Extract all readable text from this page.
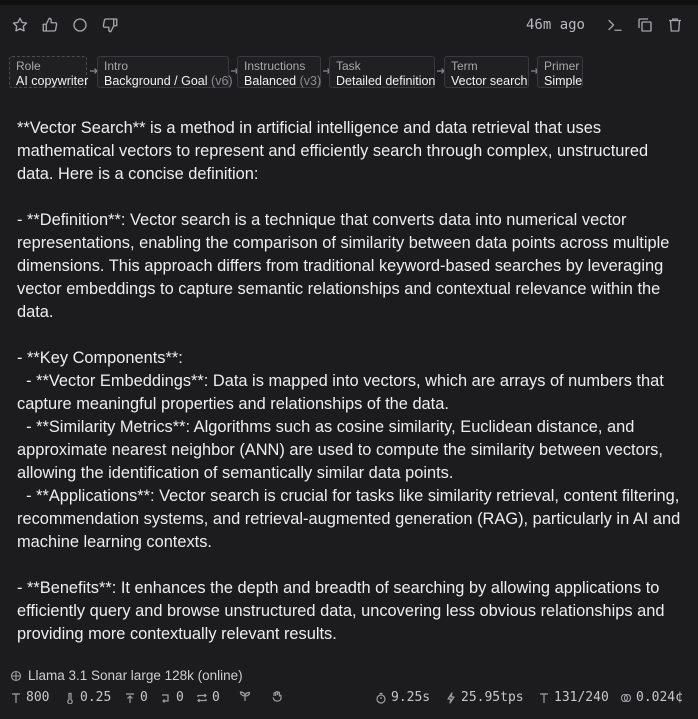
46m ago
Role
AI copywriter
Intro
Background / Goal (v6)
Instructions
Balanced (v3)
Task
Detailed definition
Term
Vector search
Primer
Simple

**Vector Search** is a method in artificial intelligence and data retrieval that uses mathematical vectors to represent and efficiently search through complex, unstructured data. Here is a concise definition:

- **Definition**: Vector search is a technique that converts data into numerical vector representations, enabling the comparison of similarity between data points across multiple dimensions. This approach differs from traditional keyword-based searches by leveraging vector embeddings to capture semantic relationships and contextual relevance within the data.

- **Key Components**:

- **Vector Embeddings**: Data is mapped into vectors, which are arrays of numbers that capture meaningful properties and relationships of the data.

- **Similarity Metrics**: Algorithms such as cosine similarity, Euclidean distance, and approximate nearest neighbor (ANN) are used to compute the similarity between vectors, allowing the identification of semantically similar data points.

- **Applications**: Vector search is crucial for tasks like similarity retrieval, content filtering, recommendation systems, and retrieval-augmented generation (RAG), particularly in AI and machine learning contexts.

- **Benefits**: It enhances the depth and breadth of searching by allowing applications to efficiently query and browse unstructured data, uncovering less obvious relationships and providing more contextually relevant results.

Llama 3.1 Sonar large 128k (online)
800 0.25 0 0 0	9.25s 25.95tps 131/240 0.024¢
